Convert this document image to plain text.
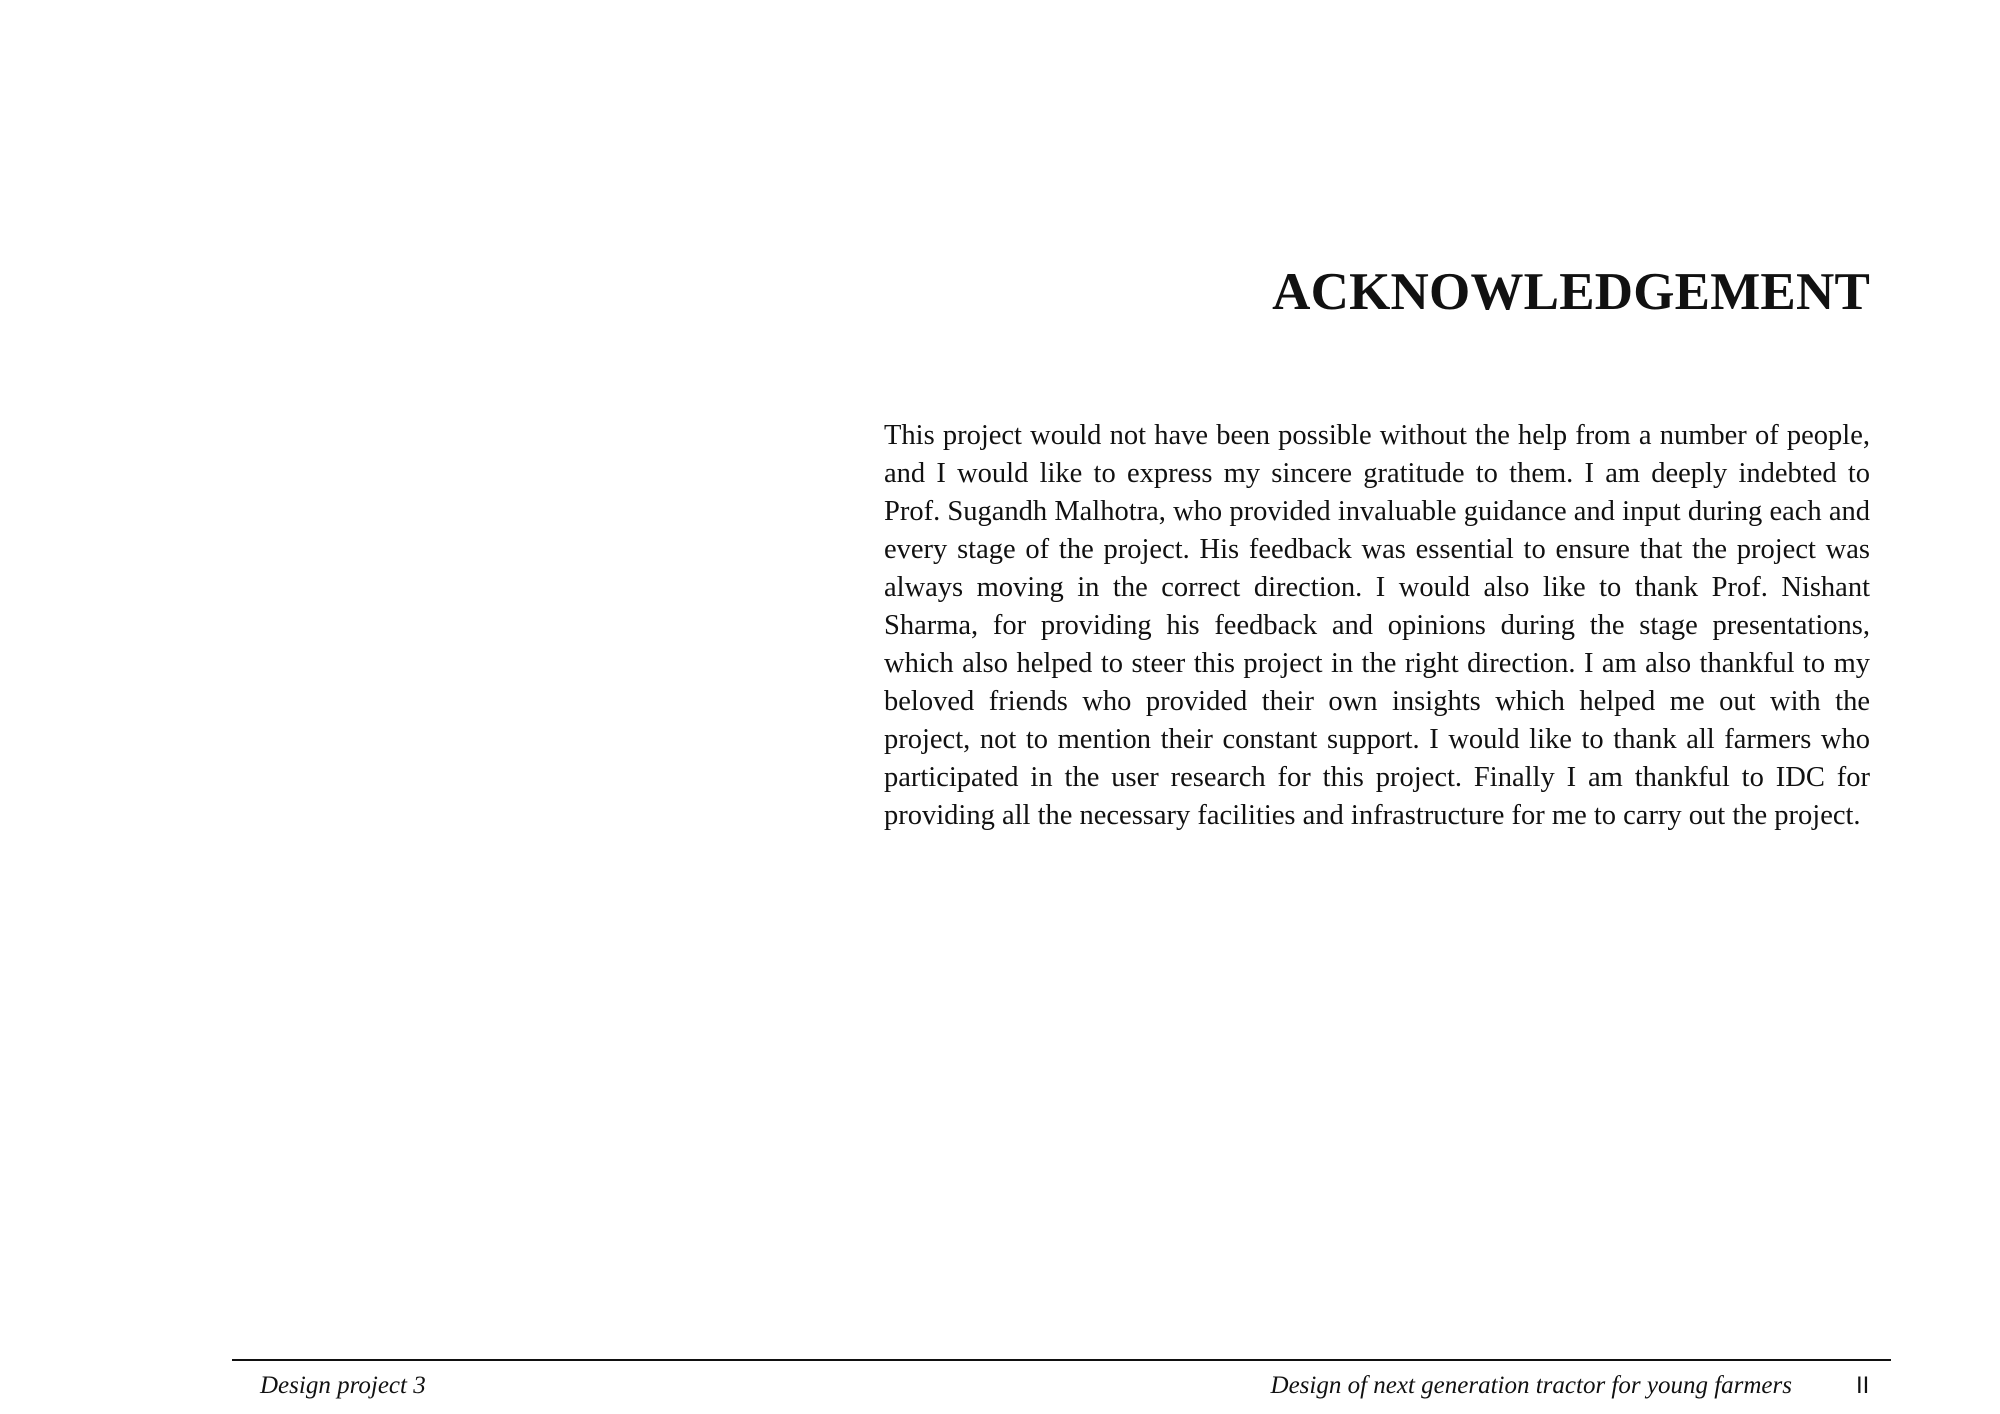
ACKNOWLEDGEMENT

This project would not have been possible without the help from a number of people, and I would like to express my sincere gratitude to them. I am deeply indebted to Prof. Sugandh Malhotra, who provided invaluable guidance and input during each and every stage of the project. His feedback was essential to ensure that the project was always moving in the correct direction. I would also like to thank Prof. Nishant Sharma, for providing his feedback and opinions during the stage presentations, which also helped to steer this project in the right direction. I am also thankful to my beloved friends who provided their own insights which helped me out with the project, not to mention their constant support. I would like to thank all farmers who participated in the user research for this project. Finally I am thankful to IDC for providing all the necessary facilities and infrastructure for me to carry out the project.

Design project 3	Design of next generation tractor for young farmers	II
